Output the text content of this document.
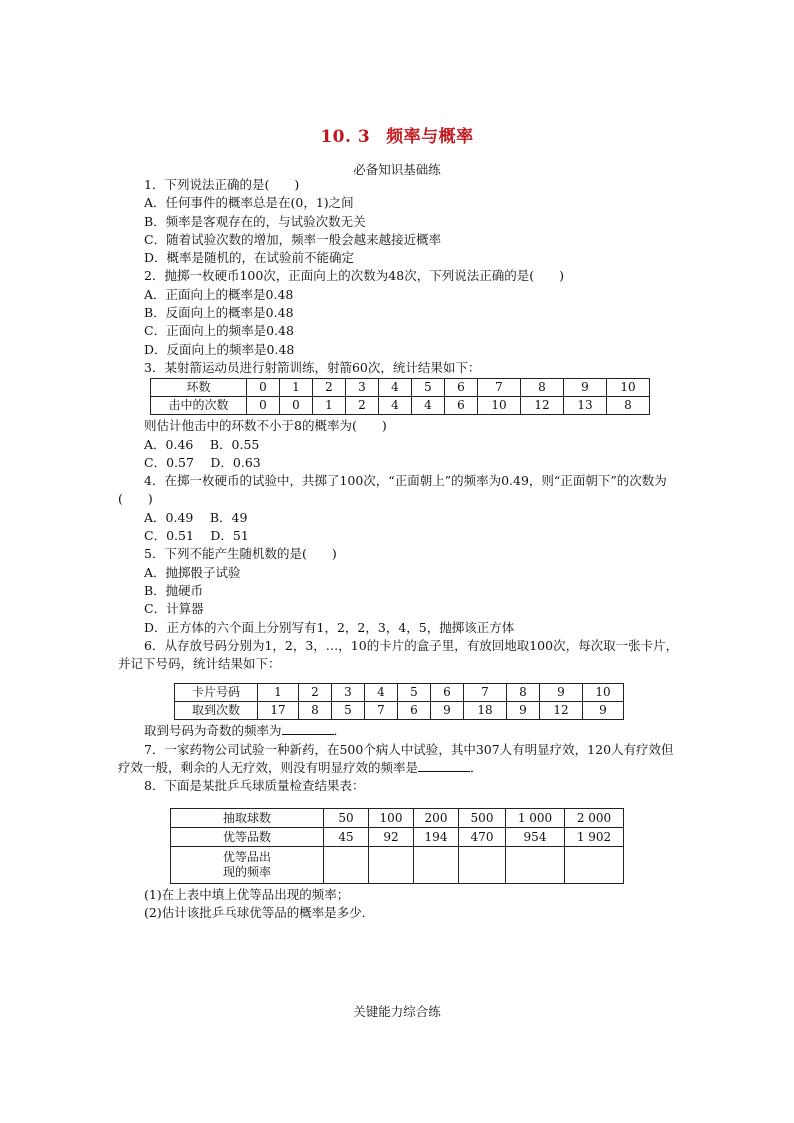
10. 3 频率与概率
必备知识基础练
1．下列说法正确的是(　　)
A．任何事件的概率总是在(0，1)之间
B．频率是客观存在的，与试验次数无关
C．随着试验次数的增加，频率一般会越来越接近概率
D．概率是随机的，在试验前不能确定
2．抛掷一枚硬币100次，正面向上的次数为48次，下列说法正确的是(　　)
A．正面向上的概率是0.48
B．反面向上的概率是0.48
C．正面向上的频率是0.48
D．反面向上的频率是0.48
3．某射箭运动员进行射箭训练，射箭60次，统计结果如下：
环数	0	1	2	3	4	5	6	7	8	9	10
击中的次数	0	0	1	2	4	4	6	10	12	13	8
则估计他击中的环数不小于8的概率为(　　)
A．0.46　 B．0.55
C．0.57　 D．0.63
4．在掷一枚硬币的试验中，共掷了100次，“正面朝上”的频率为0.49，则“正面朝下”的次数为(　　)
A．0.49　 B．49
C．0.51　 D．51
5．下列不能产生随机数的是(　　)
A．抛掷骰子试验
B．抛硬币
C．计算器
D．正方体的六个面上分别写有1，2，2，3，4，5，抛掷该正方体
6．从存放号码分别为1，2，3，…，10的卡片的盒子里，有放回地取100次，每次取一张卡片，并记下号码，统计结果如下：
卡片号码	1	2	3	4	5	6	7	8	9	10
取到次数	17	8	5	7	6	9	18	9	12	9
取到号码为奇数的频率为	．
7．一家药物公司试验一种新药，在500个病人中试验，其中307人有明显疗效，120人有疗效但疗效一般，剩余的人无疗效，则没有明显疗效的频率是	．
8．下面是某批乒乓球质量检查结果表：
抽取球数	50	100	200	500	1 000	2 000
优等品数	45	92	194	470	954	1 902

优等品出
现的频率						

(1)在上表中填上优等品出现的频率；
(2)估计该批乒乓球优等品的概率是多少．
关键能力综合练
